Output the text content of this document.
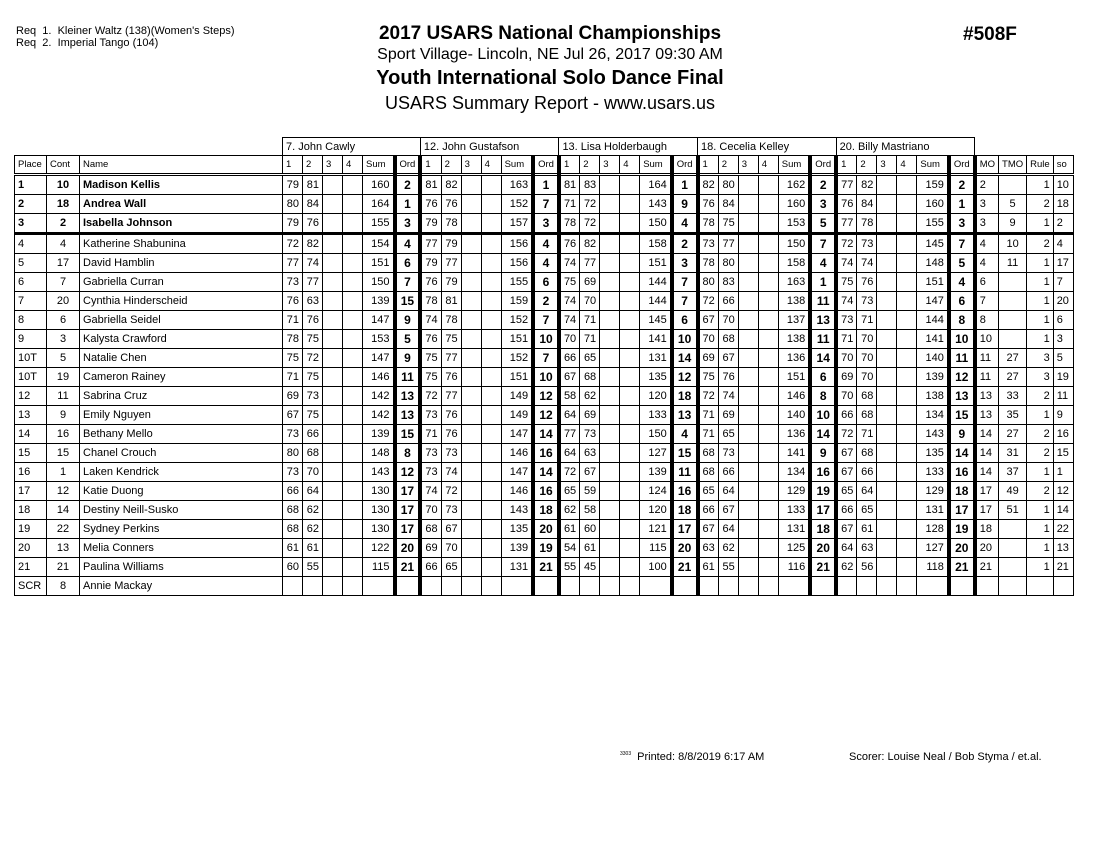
Req  1.  Kleiner Waltz (138)(Women's Steps)
Req  2.  Imperial Tango (104)	2017 USARS National Championships
Sport Village- Lincoln, NE Jul 26, 2017 09:30 AM
Youth International Solo Dance Final
USARS Summary Report - www.usars.us
#508F
			7. John Cawly						12. John Gustafson						13. Lisa Holderbaugh						18. Cecelia Kelley						20. Billy Mastriano									
Place	Cont	Name	1	2	3	4	Sum	Ord	1	2	3	4	Sum	Ord	1	2	3	4	Sum	Ord	1	2	3	4	Sum	Ord	1	2	3	4	Sum	Ord	MO	TMO	Rule	so
1	10	Madison Kellis	79	81			160	2	81	82			163	1	81	83			164	1	82	80			162	2	77	82			159	2	2		1	10
2	18	Andrea Wall	80	84			164	1	76	76			152	7	71	72			143	9	76	84			160	3	76	84			160	1	3	5	2	18
3	2	Isabella Johnson	79	76			155	3	79	78			157	3	78	72			150	4	78	75			153	5	77	78			155	3	3	9	1	2
4	4	Katherine Shabunina	72	82			154	4	77	79			156	4	76	82			158	2	73	77			150	7	72	73			145	7	4	10	2	4
5	17	David Hamblin	77	74			151	6	79	77			156	4	74	77			151	3	78	80			158	4	74	74			148	5	4	11	1	17
6	7	Gabriella Curran	73	77			150	7	76	79			155	6	75	69			144	7	80	83			163	1	75	76			151	4	6		1	7
7	20	Cynthia Hinderscheid	76	63			139	15	78	81			159	2	74	70			144	7	72	66			138	11	74	73			147	6	7		1	20
8	6	Gabriella Seidel	71	76			147	9	74	78			152	7	74	71			145	6	67	70			137	13	73	71			144	8	8		1	6
9	3	Kalysta Crawford	78	75			153	5	76	75			151	10	70	71			141	10	70	68			138	11	71	70			141	10	10		1	3
10T	5	Natalie Chen	75	72			147	9	75	77			152	7	66	65			131	14	69	67			136	14	70	70			140	11	11	27	3	5
10T	19	Cameron Rainey	71	75			146	11	75	76			151	10	67	68			135	12	75	76			151	6	69	70			139	12	11	27	3	19
12	11	Sabrina Cruz	69	73			142	13	72	77			149	12	58	62			120	18	72	74			146	8	70	68			138	13	13	33	2	11
13	9	Emily Nguyen	67	75			142	13	73	76			149	12	64	69			133	13	71	69			140	10	66	68			134	15	13	35	1	9
14	16	Bethany Mello	73	66			139	15	71	76			147	14	77	73			150	4	71	65			136	14	72	71			143	9	14	27	2	16
15	15	Chanel Crouch	80	68			148	8	73	73			146	16	64	63			127	15	68	73			141	9	67	68			135	14	14	31	2	15
16	1	Laken Kendrick	73	70			143	12	73	74			147	14	72	67			139	11	68	66			134	16	67	66			133	16	14	37	1	1
17	12	Katie Duong	66	64			130	17	74	72			146	16	65	59			124	16	65	64			129	19	65	64			129	18	17	49	2	12
18	14	Destiny Neill-Susko	68	62			130	17	70	73			143	18	62	58			120	18	66	67			133	17	66	65			131	17	17	51	1	14
19	22	Sydney Perkins	68	62			130	17	68	67			135	20	61	60			121	17	67	64			131	18	67	61			128	19	18		1	22
20	13	Melia Conners	61	61			122	20	69	70			139	19	54	61			115	20	63	62			125	20	64	63			127	20	20		1	13
21	21	Paulina Williams	60	55			115	21	66	65			131	21	55	45			100	21	61	55			116	21	62	56			118	21	21		1	21
SCR	8	Annie Mackay																																		
$^{3303}$ Printed: 8/8/2019 6:17 AM	Scorer: Louise Neal / Bob Styma / et.al.
